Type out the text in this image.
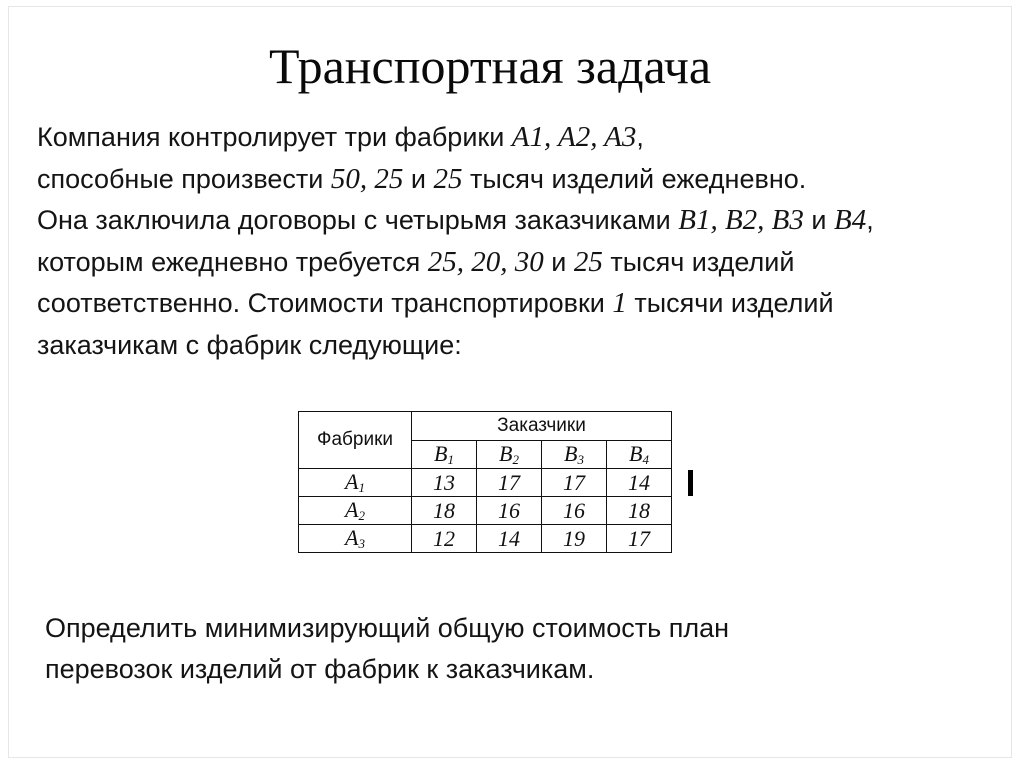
Транспортная задача
Компания контролирует три фабрики A1, A2, A3,
способные произвести 50, 25 и 25 тысяч изделий ежедневно.
Она заключила договоры с четырьмя заказчиками B1, B2, B3 и B4,
которым ежедневно требуется 25, 20, 30 и 25 тысяч изделий
соответственно. Стоимости транспортировки 1 тысячи изделий
заказчикам с фабрик следующие:
Фабрики	Заказчики			
	$B_1$	$B_2$	$B_3$	$B_4$
$A_1$	13	17	17	14
$A_2$	18	16	16	18
$A_3$	12	14	19	17
Определить минимизирующий общую стоимость план
перевозок изделий от фабрик к заказчикам.
